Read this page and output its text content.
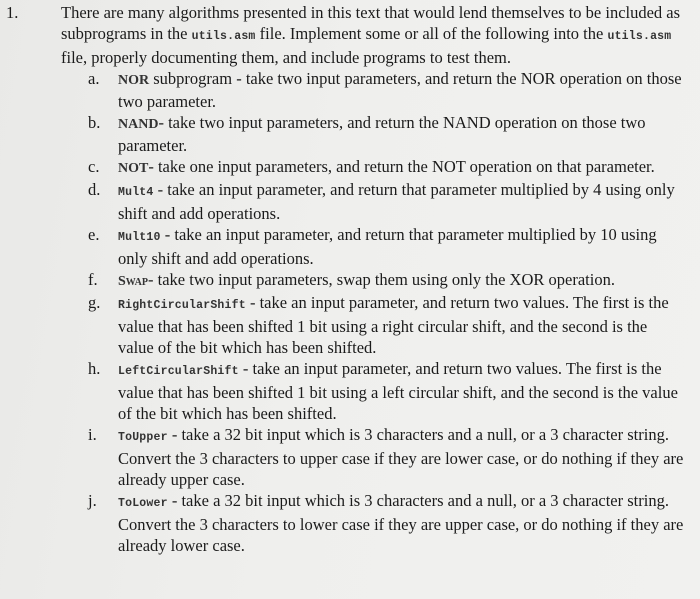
1.	There are many algorithms presented in this text that would lend themselves to be included as subprograms in the utils.asm file. Implement some or all of the following into the utils.asm file, properly documenting them, and include programs to test them.
a.	NOR subprogram - take two input parameters, and return the NOR operation on those two parameter.
b.	NAND- take two input parameters, and return the NAND operation on those two parameter.
c.	NOT- take one input parameters, and return the NOT operation on that parameter.
d.	Mult4 - take an input parameter, and return that parameter multiplied by 4 using only shift and add operations.
e.	Mult10 - take an input parameter, and return that parameter multiplied by 10 using only shift and add operations.
f.	Swap- take two input parameters, swap them using only the XOR operation.
g.	RightCircularShift - take an input parameter, and return two values. The first is the value that has been shifted 1 bit using a right circular shift, and the second is the value of the bit which has been shifted.
h.	LeftCircularShift - take an input parameter, and return two values. The first is the value that has been shifted 1 bit using a left circular shift, and the second is the value of the bit which has been shifted.
i.	ToUpper - take a 32 bit input which is 3 characters and a null, or a 3 character string. Convert the 3 characters to upper case if they are lower case, or do nothing if they are already upper case.
j.	ToLower - take a 32 bit input which is 3 characters and a null, or a 3 character string. Convert the 3 characters to lower case if they are upper case, or do nothing if they are already lower case.
